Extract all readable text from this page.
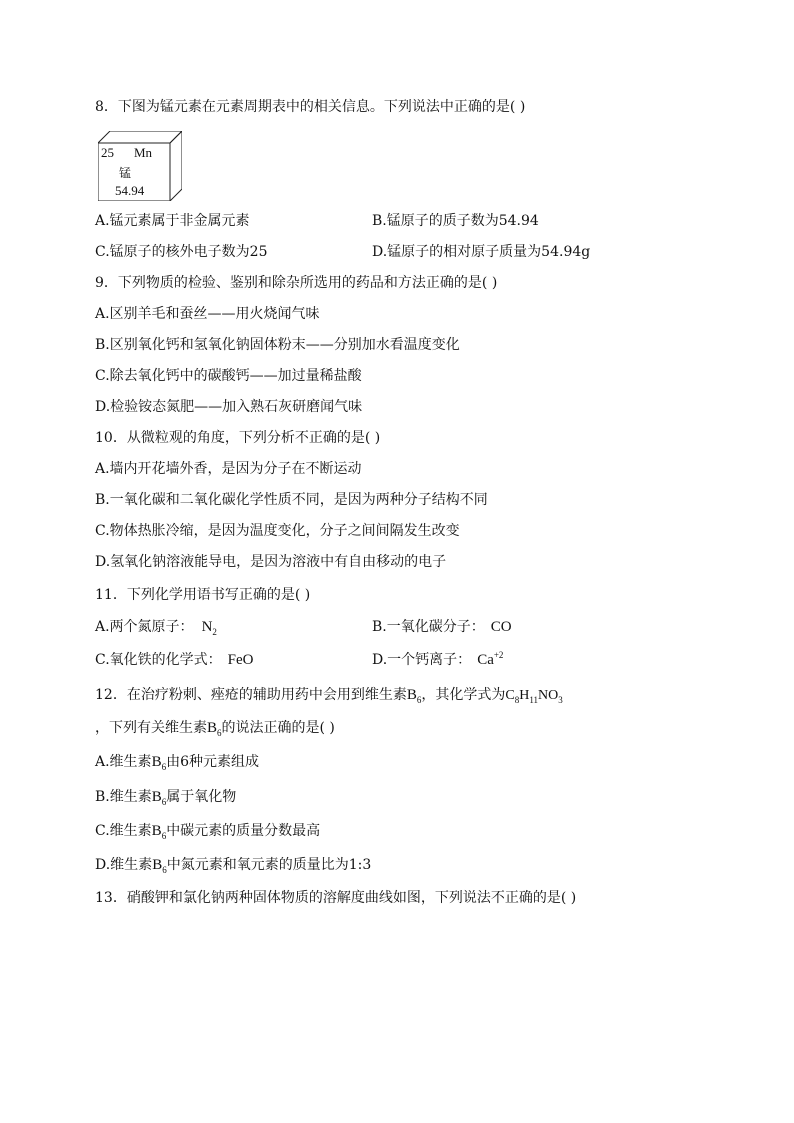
8．下图为锰元素在元素周期表中的相关信息。下列说法中正确的是( )
25 Mn
锰
54.94
A.锰元素属于非金属元素	B.锰原子的质子数为54.94
C.锰原子的核外电子数为25	D.锰原子的相对原子质量为54.94g
9．下列物质的检验、鉴别和除杂所选用的药品和方法正确的是( )
A.区别羊毛和蚕丝——用火烧闻气味
B.区别氧化钙和氢氧化钠固体粉末——分别加水看温度变化
C.除去氧化钙中的碳酸钙——加过量稀盐酸
D.检验铵态氮肥——加入熟石灰研磨闻气味
10．从微粒观的角度，下列分析不正确的是( )
A.墙内开花墙外香，是因为分子在不断运动
B.一氧化碳和二氧化碳化学性质不同，是因为两种分子结构不同
C.物体热胀冷缩，是因为温度变化，分子之间间隔发生改变
D.氢氧化钠溶液能导电，是因为溶液中有自由移动的电子
11．下列化学用语书写正确的是( )
A.两个氮原子： $N_2$	B.一氧化碳分子： CO
C.氧化铁的化学式： FeO	D.一个钙离子： $Ca^{+2}$
12．在治疗粉刺、痤疮的辅助用药中会用到维生素$B_6$，其化学式为$C_8H_{11}NO_3$
，下列有关维生素$B_6$的说法正确的是( )
A.维生素$B_6$由6种元素组成
B.维生素$B_6$属于氧化物
C.维生素$B_6$中碳元素的质量分数最高
D.维生素$B_6$中氮元素和氧元素的质量比为1:3
13．硝酸钾和氯化钠两种固体物质的溶解度曲线如图，下列说法不正确的是( )
